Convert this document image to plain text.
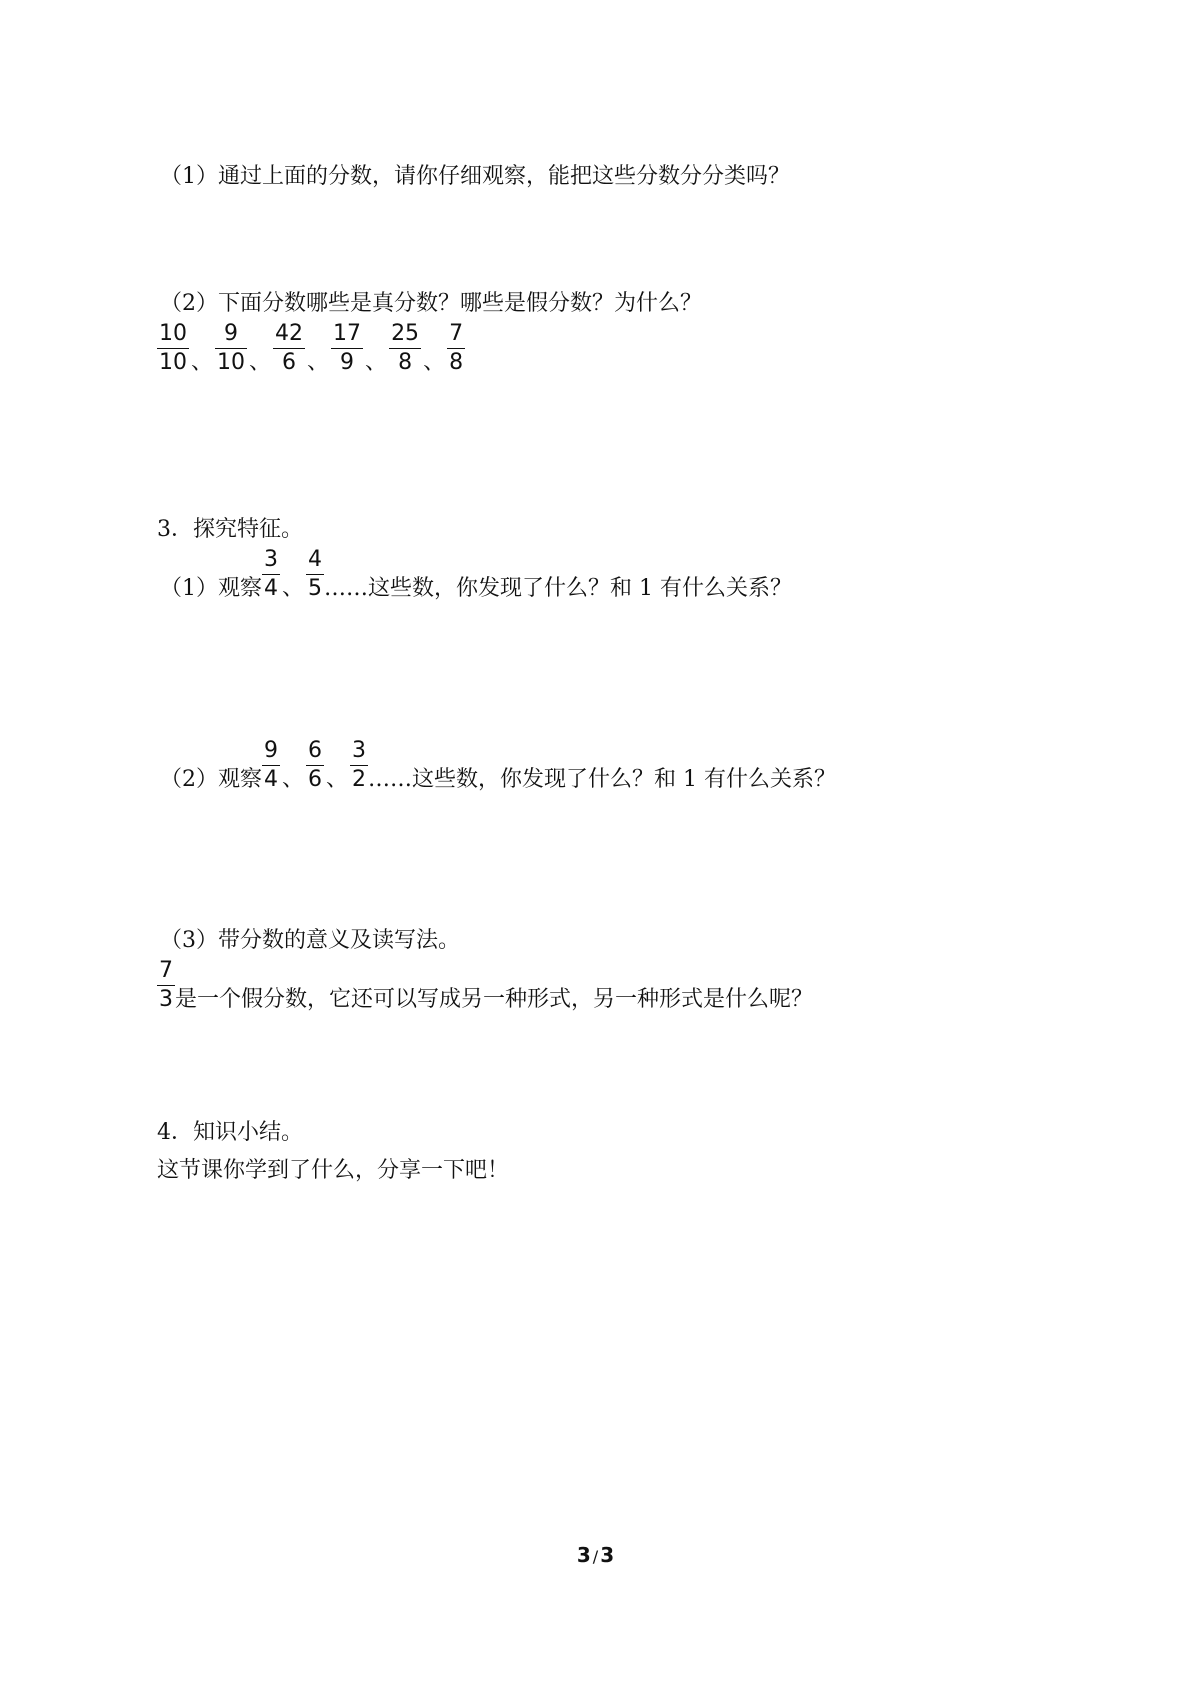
（1）通过上面的分数，请你仔细观察，能把这些分数分分类吗？
（2）下面分数哪些是真分数？哪些是假分数？为什么？
$\frac{10}{10}$ 、 $\frac{9}{10}$ 、 $\frac{42}{6}$ 、 $\frac{17}{9}$ 、 $\frac{25}{8}$ 、 $\frac{7}{8}$
3．探究特征。
（1）观察 $\frac{3}{4}$ 、 $\frac{4}{5}$ ……这些数，你发现了什么？和 1 有什么关系？
（2）观察 $\frac{9}{4}$ 、 $\frac{6}{6}$ 、 $\frac{3}{2}$ ……这些数，你发现了什么？和 1 有什么关系？
（3）带分数的意义及读写法。
$\frac{7}{3}$ 是一个假分数，它还可以写成另一种形式，另一种形式是什么呢？
4．知识小结。
这节课你学到了什么，分享一下吧！
3 / 3
